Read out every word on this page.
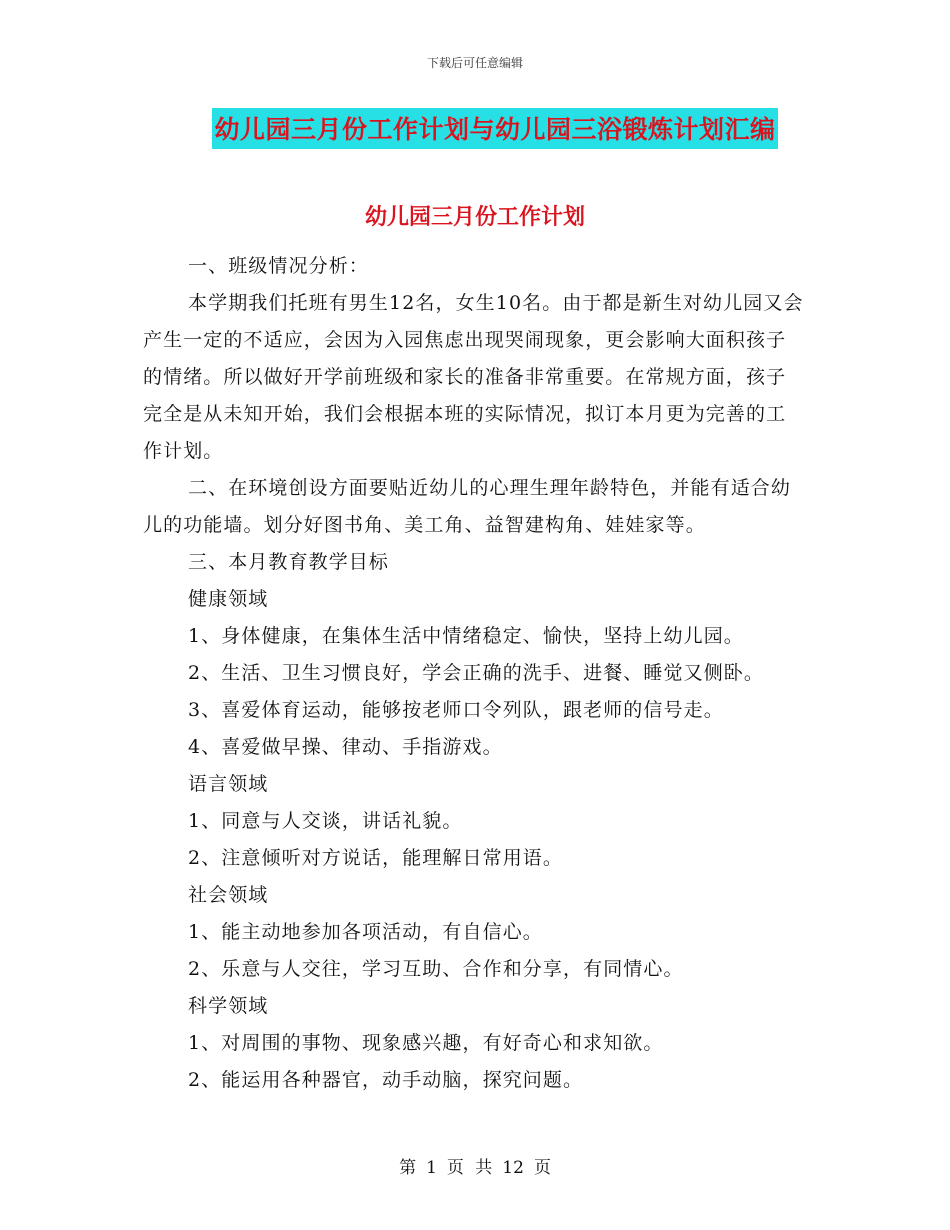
下载后可任意编辑
幼儿园三月份工作计划与幼儿园三浴锻炼计划汇编
幼儿园三月份工作计划

一、班级情况分析：

本学期我们托班有男生12名，女生10名。由于都是新生对幼儿园又会产生一定的不适应，会因为入园焦虑出现哭闹现象，更会影响大面积孩子的情绪。所以做好开学前班级和家长的准备非常重要。在常规方面，孩子完全是从未知开始，我们会根据本班的实际情况，拟订本月更为完善的工作计划。

二、在环境创设方面要贴近幼儿的心理生理年龄特色，并能有适合幼儿的功能墙。划分好图书角、美工角、益智建构角、娃娃家等。

三、本月教育教学目标

健康领域

1、身体健康，在集体生活中情绪稳定、愉快，坚持上幼儿园。

2、生活、卫生习惯良好，学会正确的洗手、进餐、睡觉又侧卧。

3、喜爱体育运动，能够按老师口令列队，跟老师的信号走。

4、喜爱做早操、律动、手指游戏。

语言领域

1、同意与人交谈，讲话礼貌。

2、注意倾听对方说话，能理解日常用语。

社会领域

1、能主动地参加各项活动，有自信心。

2、乐意与人交往，学习互助、合作和分享，有同情心。

科学领域

1、对周围的事物、现象感兴趣，有好奇心和求知欲。

2、能运用各种器官，动手动脑，探究问题。

第 1 页 共 12 页
